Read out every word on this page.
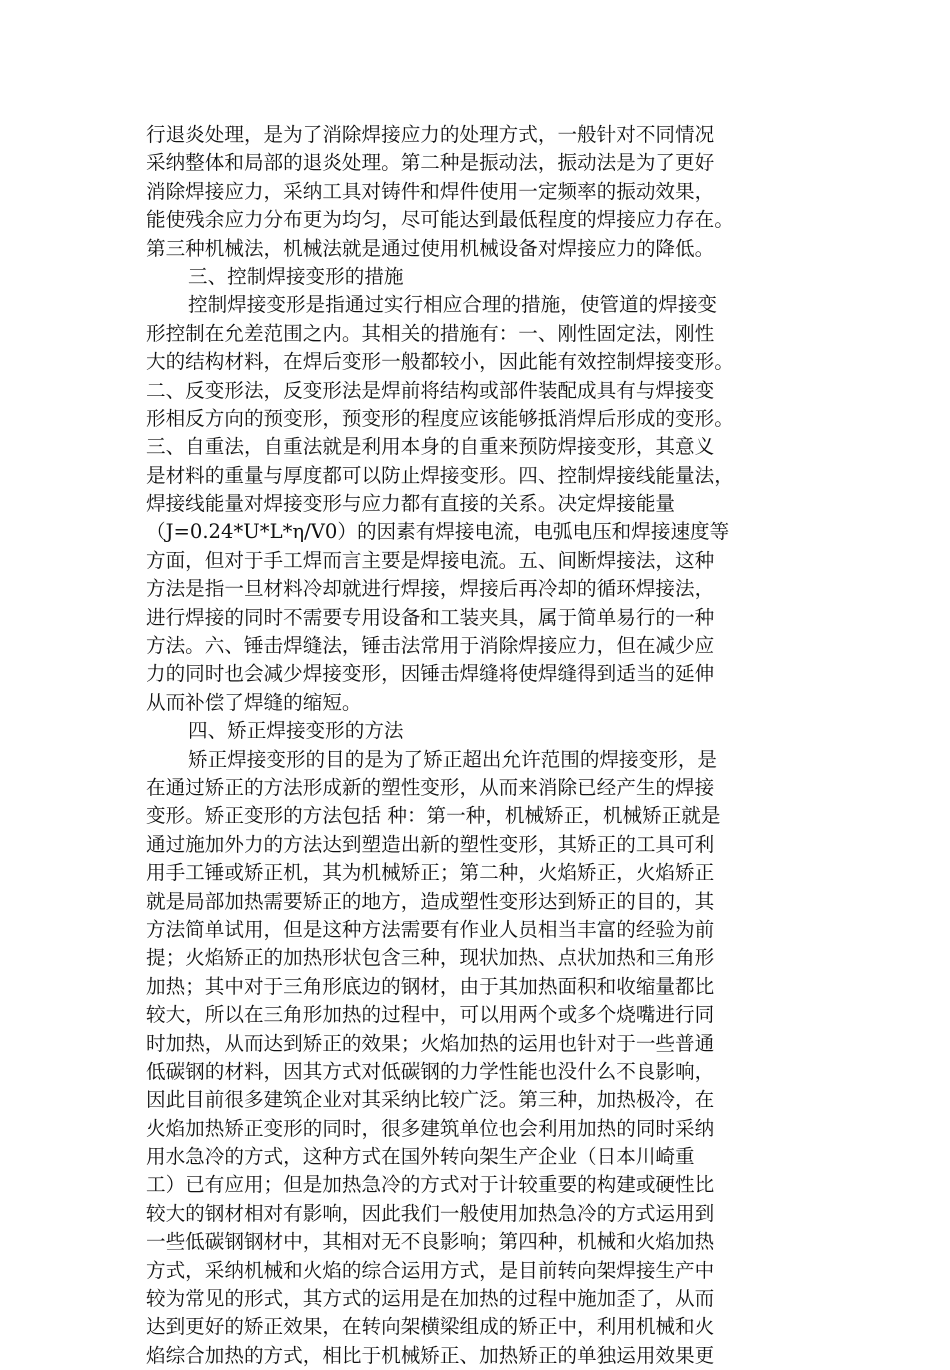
行退炎处理，是为了消除焊接应力的处理方式，一般针对不同情况
采纳整体和局部的退炎处理。第二种是振动法，振动法是为了更好
消除焊接应力，采纳工具对铸件和焊件使用一定频率的振动效果，
能使残余应力分布更为均匀，尽可能达到最低程度的焊接应力存在。
第三种机械法，机械法就是通过使用机械设备对焊接应力的降低。
三、控制焊接变形的措施
控制焊接变形是指通过实行相应合理的措施，使管道的焊接变
形控制在允差范围之内。其相关的措施有：一、刚性固定法，刚性
大的结构材料，在焊后变形一般都较小，因此能有效控制焊接变形。
二、反变形法，反变形法是焊前将结构或部件装配成具有与焊接变
形相反方向的预变形，预变形的程度应该能够抵消焊后形成的变形。
三、自重法，自重法就是利用本身的自重来预防焊接变形，其意义
是材料的重量与厚度都可以防止焊接变形。四、控制焊接线能量法，
焊接线能量对焊接变形与应力都有直接的关系。决定焊接能量
（J=0.24*U*L*η/V0）的因素有焊接电流，电弧电压和焊接速度等
方面，但对于手工焊而言主要是焊接电流。五、间断焊接法，这种
方法是指一旦材料冷却就进行焊接，焊接后再冷却的循环焊接法，
进行焊接的同时不需要专用设备和工装夹具，属于简单易行的一种
方法。六、锤击焊缝法，锤击法常用于消除焊接应力，但在减少应
力的同时也会减少焊接变形，因锤击焊缝将使焊缝得到适当的延伸
从而补偿了焊缝的缩短。
四、矫正焊接变形的方法
矫正焊接变形的目的是为了矫正超出允许范围的焊接变形，是
在通过矫正的方法形成新的塑性变形，从而来消除已经产生的焊接
变形。矫正变形的方法包括 种：第一种，机械矫正，机械矫正就是
通过施加外力的方法达到塑造出新的塑性变形，其矫正的工具可利
用手工锤或矫正机，其为机械矫正；第二种，火焰矫正，火焰矫正
就是局部加热需要矫正的地方，造成塑性变形达到矫正的目的，其
方法简单试用，但是这种方法需要有作业人员相当丰富的经验为前
提；火焰矫正的加热形状包含三种，现状加热、点状加热和三角形
加热；其中对于三角形底边的钢材，由于其加热面积和收缩量都比
较大，所以在三角形加热的过程中，可以用两个或多个烧嘴进行同
时加热，从而达到矫正的效果；火焰加热的运用也针对于一些普通
低碳钢的材料，因其方式对低碳钢的力学性能也没什么不良影响，
因此目前很多建筑企业对其采纳比较广泛。第三种，加热极冷，在
火焰加热矫正变形的同时，很多建筑单位也会利用加热的同时采纳
用水急冷的方式，这种方式在国外转向架生产企业（日本川崎重
工）已有应用；但是加热急冷的方式对于计较重要的构建或硬性比
较大的钢材相对有影响，因此我们一般使用加热急冷的方式运用到
一些低碳钢钢材中，其相对无不良影响；第四种，机械和火焰加热
方式，采纳机械和火焰的综合运用方式，是目前转向架焊接生产中
较为常见的形式，其方式的运用是在加热的过程中施加歪了，从而
达到更好的矫正效果，在转向架横梁组成的矫正中，利用机械和火
焰综合加热的方式，相比于机械矫正、加热矫正的单独运用效果更
